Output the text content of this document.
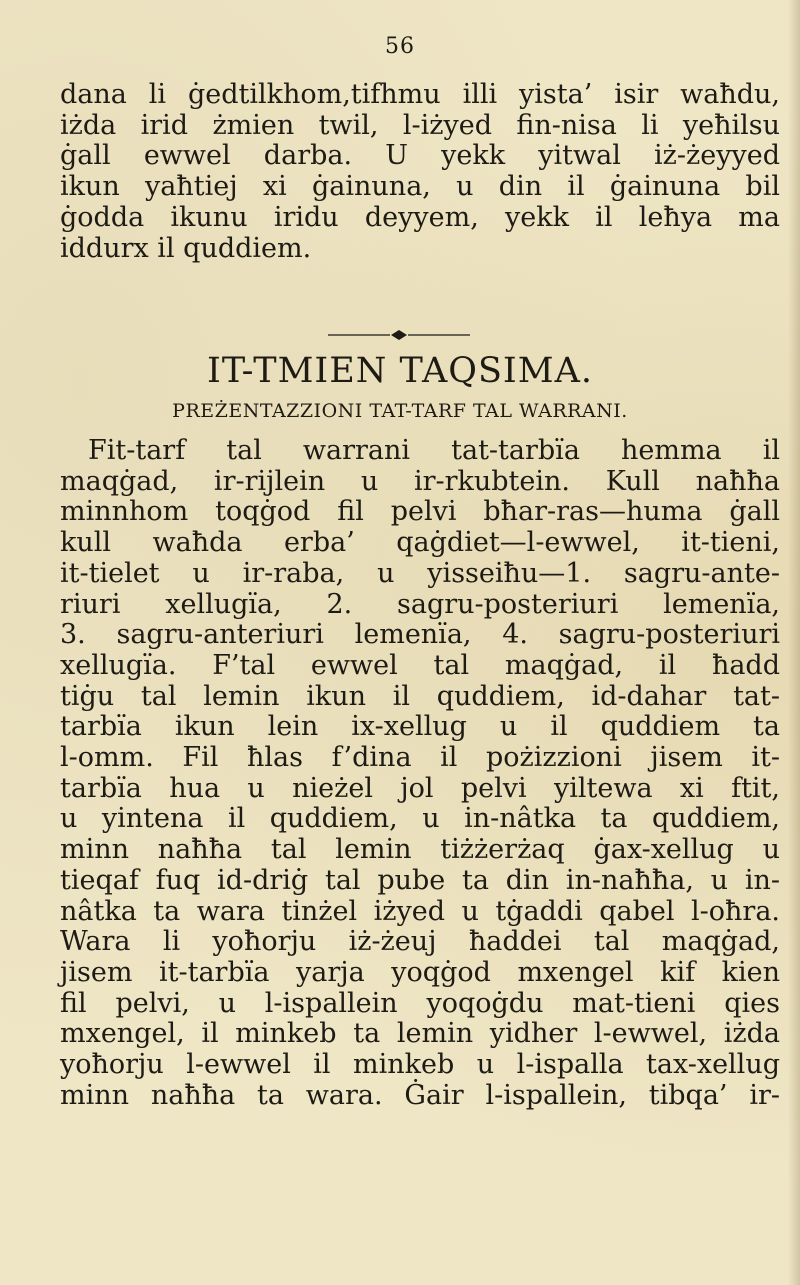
56
dana li ġedtilkhom,tifhmu illi yista’ isir waħdu,
iżda irid żmien twil, l-iżyed fin-nisa li yeħilsu
ġall ewwel darba. U yekk yitwal iż-żeyyed
ikun yaħtiej xi ġainuna, u din il ġainuna bil
ġodda ikunu iridu deyyem, yekk il leħya ma
iddurx il quddiem.
IT-TMIEN TAQSIMA.
PREŻENTAZZIONI TAT-TARF TAL WARRANI.
Fit-tarf tal warrani tat-tarbïa hemma il
maqġad, ir-rijlein u ir-rkubtein. Kull naħħa
minnhom toqġod fil pelvi bħar-ras—huma ġall
kull waħda erba’ qaġdiet—l-ewwel, it-tieni,
it-tielet u ir-raba, u yisseiħu—1. sagru-ante-
riuri xellugïa, 2. sagru-posteriuri lemenïa,
3. sagru-anteriuri lemenïa, 4. sagru-posteriuri
xellugïa. F’tal ewwel tal maqġad, il ħadd
tiġu tal lemin ikun il quddiem, id-dahar tat-
tarbïa ikun lein ix-xellug u il quddiem ta
l-omm. Fil ħlas f’dina il pożizzioni jisem it-
tarbïa hua u nieżel jol pelvi yiltewa xi ftit,
u yintena il quddiem, u in-nâtka ta quddiem,
minn naħħa tal lemin tiżżerżaq ġax-xellug u
tieqaf fuq id-driġ tal pube ta din in-naħħa, u in-
nâtka ta wara tinżel iżyed u tġaddi qabel l-oħra.
Wara li yoħorju iż-żeuj ħaddei tal maqġad,
jisem it-tarbïa yarja yoqġod mxengel kif kien
fil pelvi, u l-ispallein yoqoġdu mat-tieni qies
mxengel, il minkeb ta lemin yidher l-ewwel, iżda
yoħorju l-ewwel il minkeb u l-ispalla tax-xellug
minn naħħa ta wara. Ġair l-ispallein, tibqa’ ir-
